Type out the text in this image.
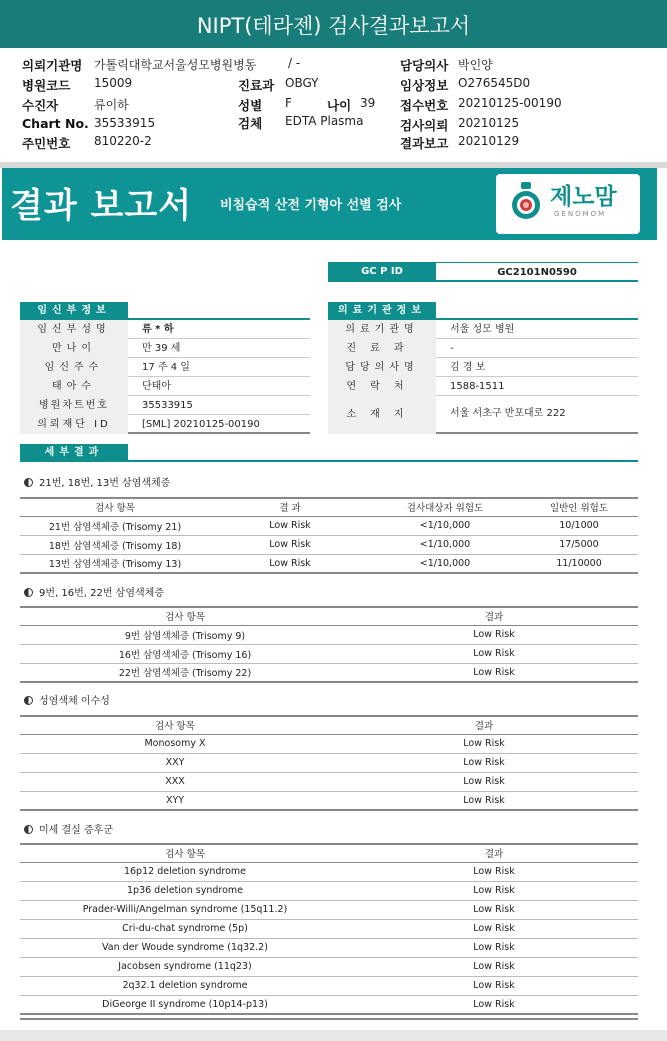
NIPT(테라젠) 검사결과보고서
의뢰기관명 가톨릭대학교서울성모병원병동	/ -
병원코드 15009
수진자	류이하
Chart No. 35533915
주민번호 810220-2
진료과 OBGY
성별 F	나이 39
검체 EDTA Plasma
담당의사 박인양
임상정보 O276545D0
접수번호 20210125-00190
검사의뢰 20210125
결과보고 20210129
결과 보고서 비침습적 산전 기형아 선별 검사	제노맘
GENOMOM
GC P ID	GC2101N0590
임신부정보
임신부성명	류 * 하
만나이	만 39 세
임신주수	17 주 4 일
태아수	단태아
병원차트번호	35533915
의뢰재단 ID	[SML] 20210125-00190
의료기관정보
의료기관명	서울 성모 병원
진료과	-
담당의사명	김 경 보
연락처	1588-1511
소재지	서울 서초구 반포대로 222
세부결과
21번, 18번, 13번 삼염색체증
검사 항목	결 과	검사대상자 위험도	일반인 위험도
21번 삼염색체증 (Trisomy 21)	Low Risk	<1/10,000	10/1000
18번 삼염색체증 (Trisomy 18)	Low Risk	<1/10,000	17/5000
13번 삼염색체증 (Trisomy 13)	Low Risk	<1/10,000	11/10000
9번, 16번, 22번 삼염색체증
검사 항목	결과
9번 삼염색체증 (Trisomy 9)	Low Risk
16번 삼염색체증 (Trisomy 16)	Low Risk
22번 삼염색체증 (Trisomy 22)	Low Risk
성염색체 이수성
검사 항목	결과
Monosomy X	Low Risk
XXY	Low Risk
XXX	Low Risk
XYY	Low Risk
미세 결실 증후군
검사 항목	결과
16p12 deletion syndrome	Low Risk
1p36 deletion syndrome	Low Risk
Prader-Willi/Angelman syndrome (15q11.2)	Low Risk
Cri-du-chat syndrome (5p)	Low Risk
Van der Woude syndrome (1q32.2)	Low Risk
Jacobsen syndrome (11q23)	Low Risk
2q32.1 deletion syndrome	Low Risk
DiGeorge II syndrome (10p14-p13)	Low Risk
